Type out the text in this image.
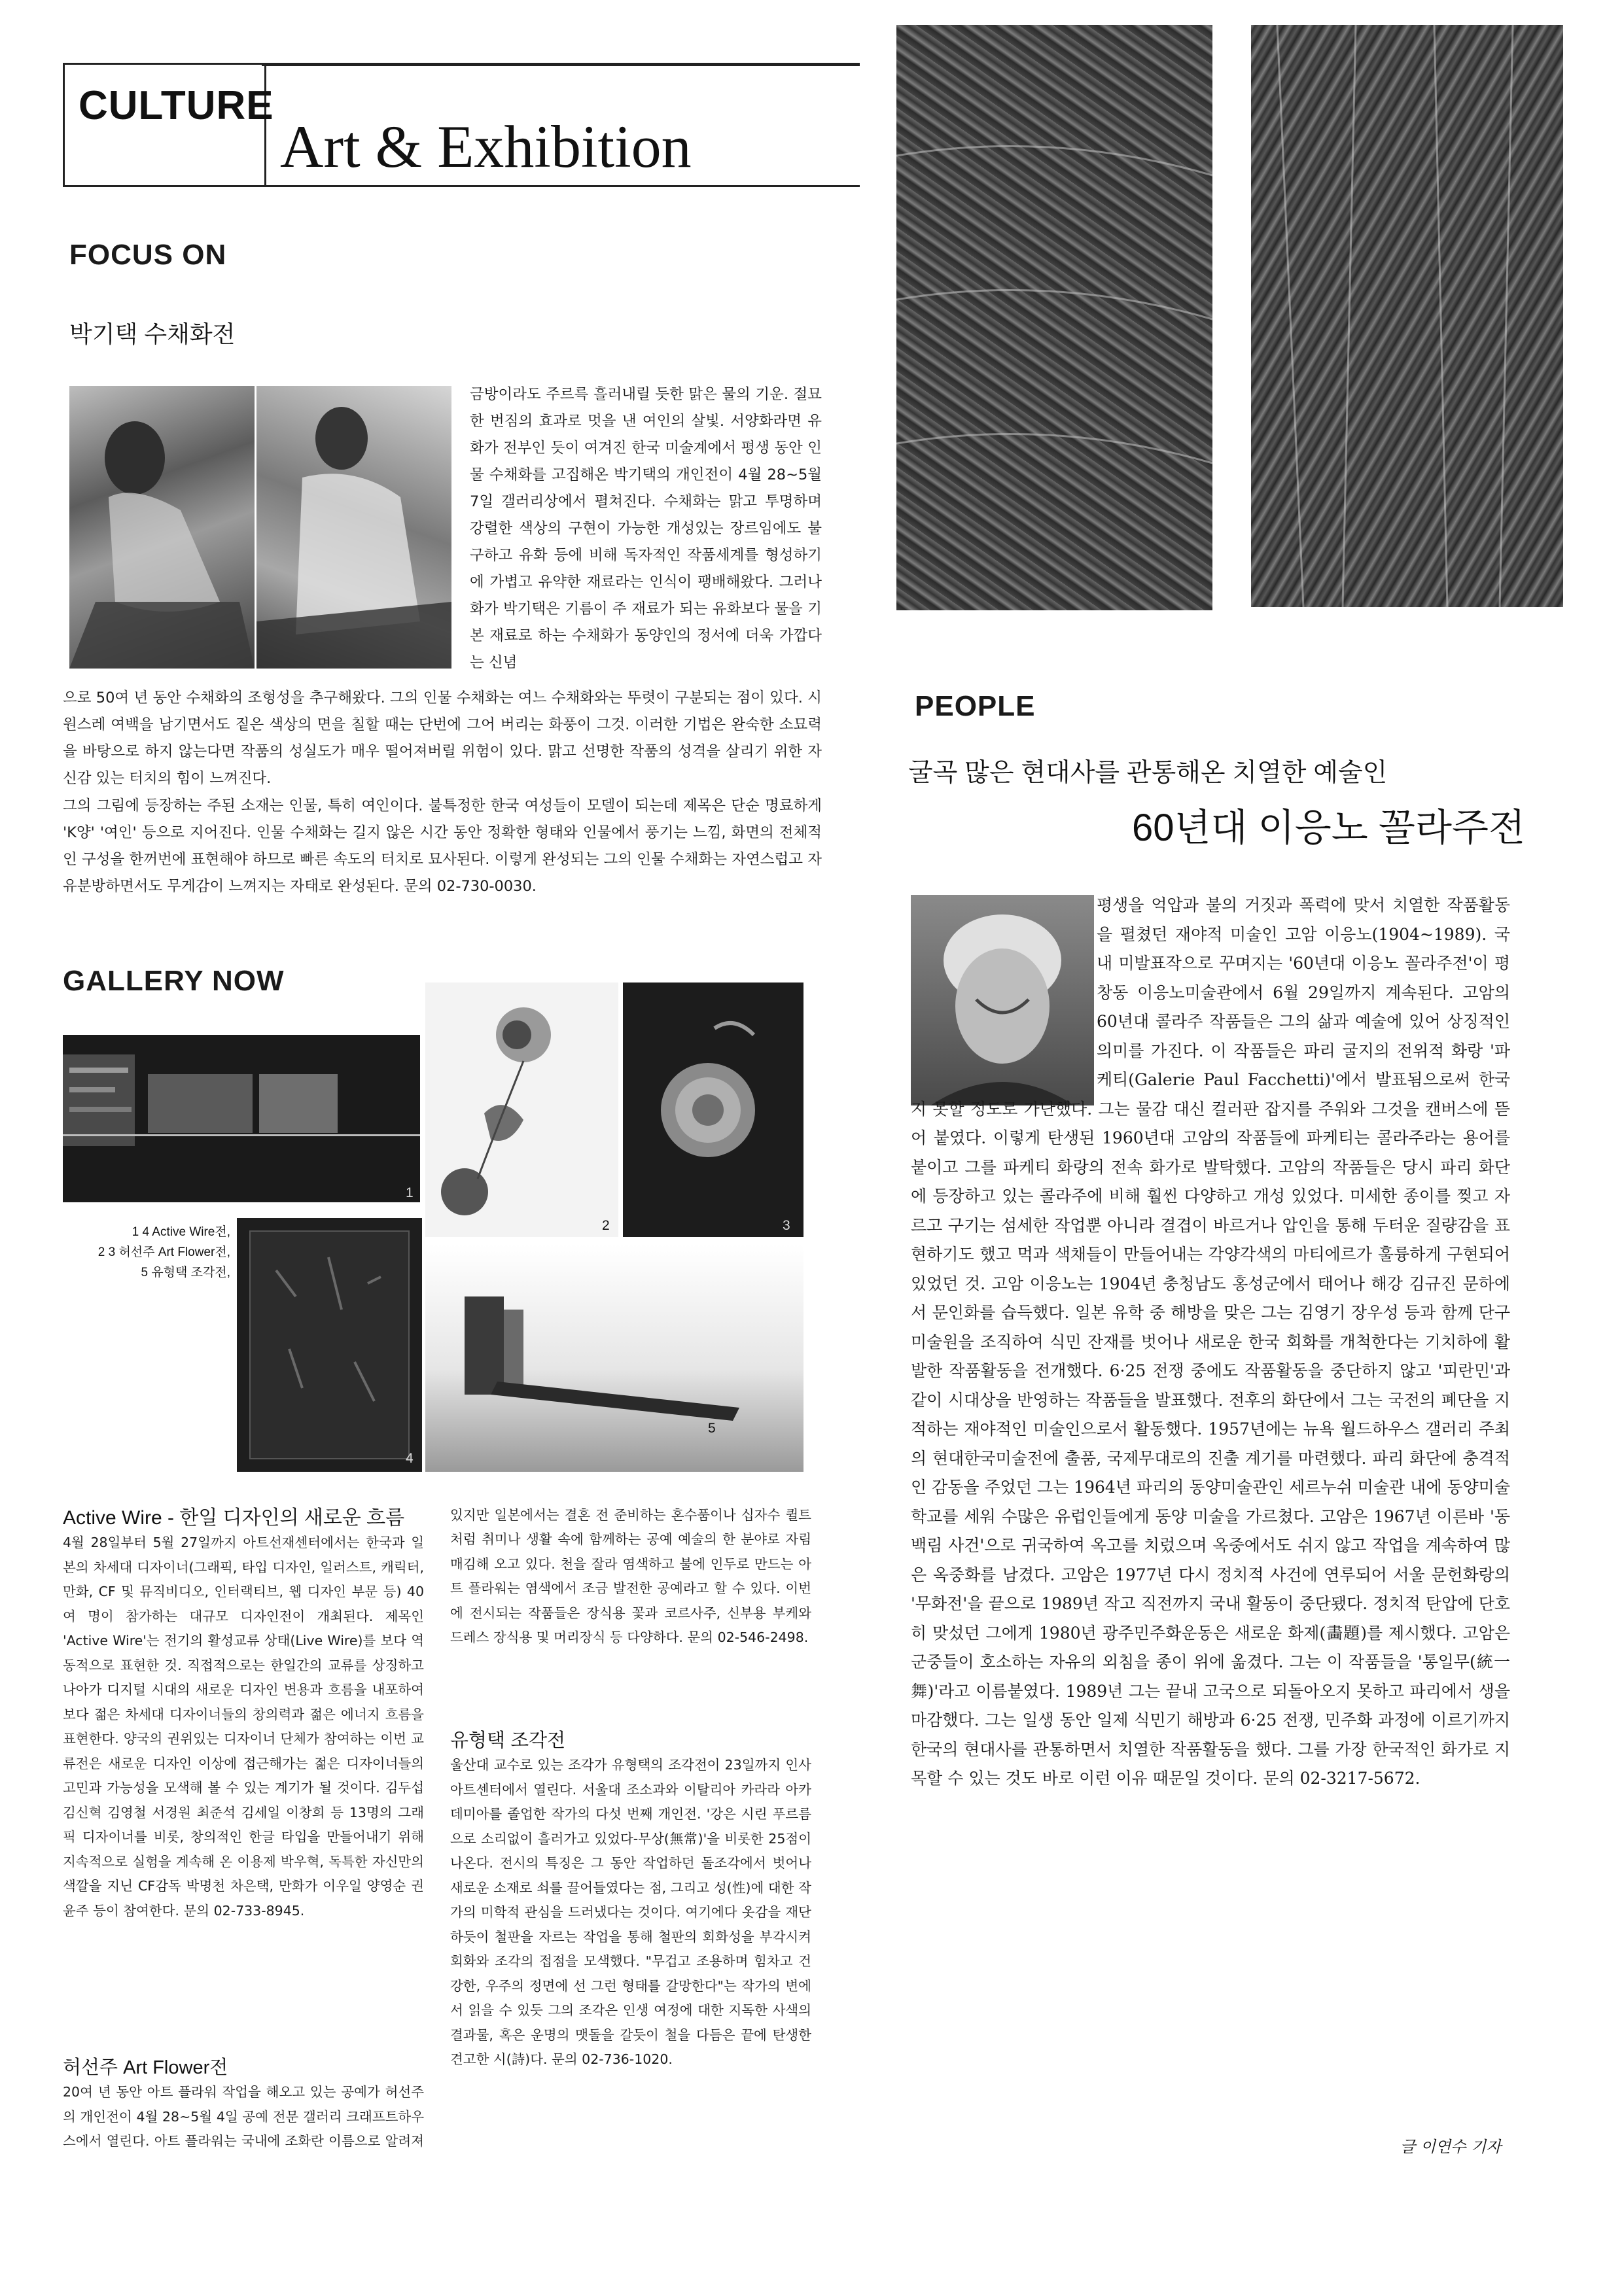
CULTURE
Art & Exhibition
FOCUS ON
박기택 수채화전
금방이라도 주르륵 흘러내릴 듯한 맑은 물의 기운. 절묘한 번짐의 효과로 멋을 낸 여인의 살빛. 서양화라면 유화가 전부인 듯이 여겨진 한국 미술계에서 평생 동안 인물 수채화를 고집해온 박기택의 개인전이 4월 28~5월 7일 갤러리상에서 펼쳐진다. 수채화는 맑고 투명하며 강렬한 색상의 구현이 가능한 개성있는 장르임에도 불구하고 유화 등에 비해 독자적인 작품세계를 형성하기에 가볍고 유약한 재료라는 인식이 팽배해왔다. 그러나 화가 박기택은 기름이 주 재료가 되는 유화보다 물을 기본 재료로 하는 수채화가 동양인의 정서에 더욱 가깝다는 신념
으로 50여 년 동안 수채화의 조형성을 추구해왔다. 그의 인물 수채화는 여느 수채화와는 뚜렷이 구분되는 점이 있다. 시원스레 여백을 남기면서도 짙은 색상의 면을 칠할 때는 단번에 그어 버리는 화풍이 그것. 이러한 기법은 완숙한 소묘력을 바탕으로 하지 않는다면 작품의 성실도가 매우 떨어져버릴 위험이 있다. 맑고 선명한 작품의 성격을 살리기 위한 자신감 있는 터치의 힘이 느껴진다.
그의 그림에 등장하는 주된 소재는 인물, 특히 여인이다. 불특정한 한국 여성들이 모델이 되는데 제목은 단순 명료하게 'K양' '여인' 등으로 지어진다. 인물 수채화는 길지 않은 시간 동안 정확한 형태와 인물에서 풍기는 느낌, 화면의 전체적인 구성을 한꺼번에 표현해야 하므로 빠른 속도의 터치로 묘사된다. 이렇게 완성되는 그의 인물 수채화는 자연스럽고 자유분방하면서도 무게감이 느껴지는 자태로 완성된다. 문의 02-730-0030.
GALLERY NOW
1
2	3
1 4 Active Wire전,
2 3 허선주 Art Flower전,
5 유형택 조각전,
4
5
Active Wire - 한일 디자인의 새로운 흐름
4월 28일부터 5월 27일까지 아트선재센터에서는 한국과 일본의 차세대 디자이너(그래픽, 타입 디자인, 일러스트, 캐릭터, 만화, CF 및 뮤직비디오, 인터랙티브, 웹 디자인 부문 등) 40여 명이 참가하는 대규모 디자인전이 개최된다. 제목인 'Active Wire'는 전기의 활성교류 상태(Live Wire)를 보다 역동적으로 표현한 것. 직접적으로는 한일간의 교류를 상징하고 나아가 디지털 시대의 새로운 디자인 변용과 흐름을 내포하여 보다 젊은 차세대 디자이너들의 창의력과 젊은 에너지 흐름을 표현한다. 양국의 권위있는 디자이너 단체가 참여하는 이번 교류전은 새로운 디자인 이상에 접근해가는 젊은 디자이너들의 고민과 가능성을 모색해 볼 수 있는 계기가 될 것이다. 김두섭 김신혁 김영철 서경원 최준석 김세일 이창희 등 13명의 그래픽 디자이너를 비롯, 창의적인 한글 타입을 만들어내기 위해 지속적으로 실험을 계속해 온 이용제 박우혁, 독특한 자신만의 색깔을 지닌 CF감독 박명천 차은택, 만화가 이우일 양영순 권윤주 등이 참여한다. 문의 02-733-8945.
허선주 Art Flower전
20여 년 동안 아트 플라워 작업을 해오고 있는 공예가 허선주의 개인전이 4월 28~5월 4일 공예 전문 갤러리 크래프트하우스에서 열린다. 아트 플라워는 국내에 조화란 이름으로 알려져
있지만 일본에서는 결혼 전 준비하는 혼수품이나 십자수 퀼트처럼 취미나 생활 속에 함께하는 공예 예술의 한 분야로 자림매김해 오고 있다. 천을 잘라 염색하고 불에 인두로 만드는 아트 플라워는 염색에서 조금 발전한 공예라고 할 수 있다. 이번에 전시되는 작품들은 장식용 꽃과 코르사주, 신부용 부케와 드레스 장식용 및 머리장식 등 다양하다. 문의 02-546-2498.
유형택 조각전
울산대 교수로 있는 조각가 유형택의 조각전이 23일까지 인사아트센터에서 열린다. 서울대 조소과와 이탈리아 카라라 아카데미아를 졸업한 작가의 다섯 번째 개인전. '강은 시린 푸르름으로 소리없이 흘러가고 있었다-무상(無常)'을 비롯한 25점이 나온다. 전시의 특징은 그 동안 작업하던 돌조각에서 벗어나 새로운 소재로 쇠를 끌어들였다는 점, 그리고 성(性)에 대한 작가의 미학적 관심을 드러냈다는 것이다. 여기에다 옷감을 재단하듯이 철판을 자르는 작업을 통해 철판의 회화성을 부각시켜 회화와 조각의 접점을 모색했다. "무겁고 조용하며 힘차고 건강한, 우주의 정면에 선 그런 형태를 갈망한다"는 작가의 변에서 읽을 수 있듯 그의 조각은 인생 여정에 대한 지독한 사색의 결과물, 혹은 운명의 맷돌을 갈듯이 철을 다듬은 끝에 탄생한 견고한 시(詩)다. 문의 02-736-1020.
PEOPLE
굴곡 많은 현대사를 관통해온 치열한 예술인
60년대 이응노 꼴라주전
평생을 억압과 불의 거짓과 폭력에 맞서 치열한 작품활동을 펼쳤던 재야적 미술인 고암 이응노(1904~1989). 국내 미발표작으로 꾸며지는 '60년대 이응노 꼴라주전'이 평창동 이응노미술관에서 6월 29일까지 계속된다. 고암의 60년대 콜라주 작품들은 그의 삶과 예술에 있어 상징적인 의미를 가진다. 이 작품들은 파리 굴지의 전위적 화랑 '파케티(Galerie Paul Facchetti)'에서 발표됨으로써 한국
지 못할 정도로 가난했다. 그는 물감 대신 컬러판 잡지를 주워와 그것을 캔버스에 뜯어 붙였다. 이렇게 탄생된 1960년대 고암의 작품들에 파케티는 콜라주라는 용어를 붙이고 그를 파케티 화랑의 전속 화가로 발탁했다. 고암의 작품들은 당시 파리 화단에 등장하고 있는 콜라주에 비해 훨씬 다양하고 개성 있었다. 미세한 종이를 찢고 자르고 구기는 섬세한 작업뿐 아니라 결겹이 바르거나 압인을 통해 두터운 질량감을 표현하기도 했고 먹과 색채들이 만들어내는 각양각색의 마티에르가 훌륭하게 구현되어 있었던 것. 고암 이응노는 1904년 충청남도 홍성군에서 태어나 해강 김규진 문하에서 문인화를 습득했다. 일본 유학 중 해방을 맞은 그는 김영기 장우성 등과 함께 단구미술원을 조직하여 식민 잔재를 벗어나 새로운 한국 회화를 개척한다는 기치하에 활발한 작품활동을 전개했다. 6·25 전쟁 중에도 작품활동을 중단하지 않고 '피란민'과 같이 시대상을 반영하는 작품들을 발표했다. 전후의 화단에서 그는 국전의 폐단을 지적하는 재야적인 미술인으로서 활동했다. 1957년에는 뉴욕 월드하우스 갤러리 주최의 현대한국미술전에 출품, 국제무대로의 진출 계기를 마련했다. 파리 화단에 충격적인 감동을 주었던 그는 1964년 파리의 동양미술관인 세르누쉬 미술관 내에 동양미술학교를 세워 수많은 유럽인들에게 동양 미술을 가르쳤다. 고암은 1967년 이른바 '동백림 사건'으로 귀국하여 옥고를 치렀으며 옥중에서도 쉬지 않고 작업을 계속하여 많은 옥중화를 남겼다. 고암은 1977년 다시 정치적 사건에 연루되어 서울 문헌화랑의 '무화전'을 끝으로 1989년 작고 직전까지 국내 활동이 중단됐다. 정치적 탄압에 단호히 맞섰던 그에게 1980년 광주민주화운동은 새로운 화제(畵題)를 제시했다. 고암은 군중들이 호소하는 자유의 외침을 종이 위에 옮겼다. 그는 이 작품들을 '통일무(統一舞)'라고 이름붙였다. 1989년 그는 끝내 고국으로 되돌아오지 못하고 파리에서 생을 마감했다. 그는 일생 동안 일제 식민기 해방과 6·25 전쟁, 민주화 과정에 이르기까지 한국의 현대사를 관통하면서 치열한 작품활동을 했다. 그를 가장 한국적인 화가로 지목할 수 있는 것도 바로 이런 이유 때문일 것이다. 문의 02-3217-5672.
글 이연수 기자
